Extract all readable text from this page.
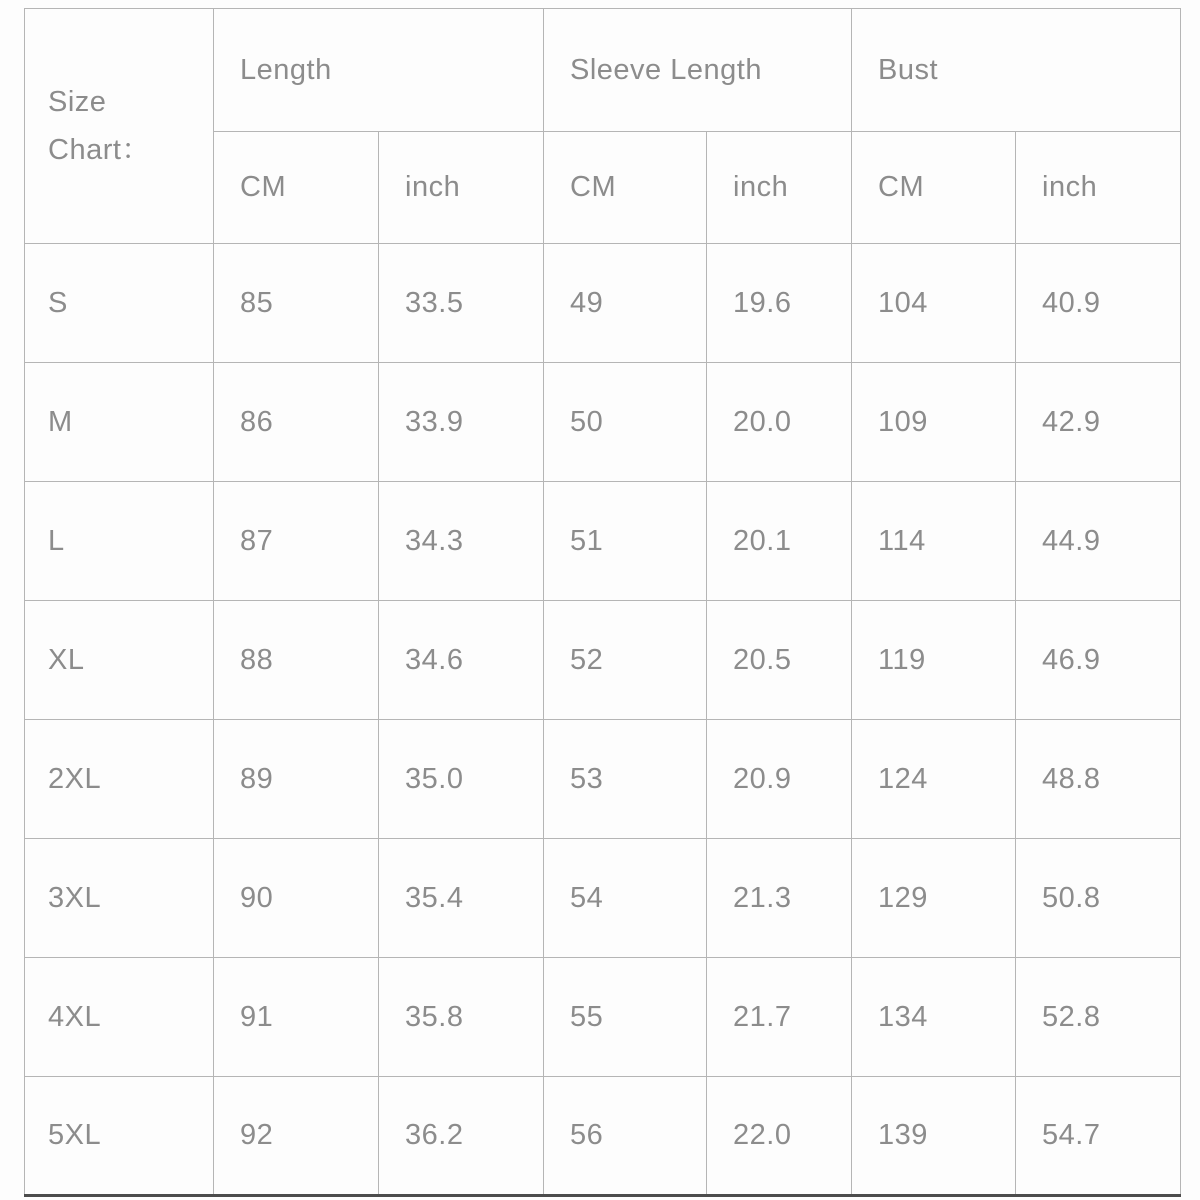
Size
Chart：	Length		Sleeve Length		Bust	
	CM	inch	CM	inch	CM	inch
S	85	33.5	49	19.6	104	40.9
M	86	33.9	50	20.0	109	42.9
L	87	34.3	51	20.1	114	44.9
XL	88	34.6	52	20.5	119	46.9
2XL	89	35.0	53	20.9	124	48.8
3XL	90	35.4	54	21.3	129	50.8
4XL	91	35.8	55	21.7	134	52.8
5XL	92	36.2	56	22.0	139	54.7
